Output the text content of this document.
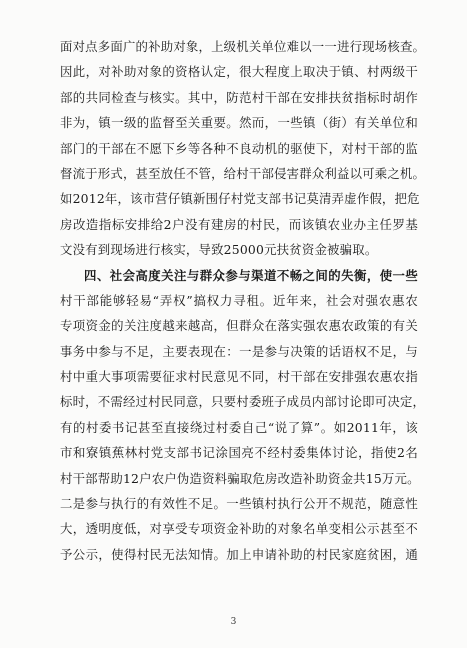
面对点多面广的补助对象，上级机关单位难以一一进行现场核查。
因此，对补助对象的资格认定，很大程度上取决于镇、村两级干
部的共同检查与核实。其中，防范村干部在安排扶贫指标时胡作
非为，镇一级的监督至关重要。然而，一些镇（街）有关单位和
部门的干部在不愿下乡等各种不良动机的驱使下，对村干部的监
督流于形式，甚至放任不管，给村干部侵害群众利益以可乘之机。
如2012年，该市营仔镇新围仔村党支部书记莫清弄虚作假，把危
房改造指标安排给2户没有建房的村民，而该镇农业办主任罗基
文没有到现场进行核实，导致25000元扶贫资金被骗取。
四、社会高度关注与群众参与渠道不畅之间的失衡，使一些
村干部能够轻易“弄权”搞权力寻租。近年来，社会对强农惠农
专项资金的关注度越来越高，但群众在落实强农惠农政策的有关
事务中参与不足，主要表现在：一是参与决策的话语权不足，与
村中重大事项需要征求村民意见不同，村干部在安排强农惠农指
标时，不需经过村民同意，只要村委班子成员内部讨论即可决定，
有的村委书记甚至直接绕过村委自己“说了算”。如2011年，该
市和寮镇蕉林村党支部书记涂国亮不经村委集体讨论，指使2名
村干部帮助12户农户伪造资料骗取危房改造补助资金共15万元。
二是参与执行的有效性不足。一些镇村执行公开不规范，随意性
大，透明度低，对享受专项资金补助的对象名单变相公示甚至不
予公示，使得村民无法知情。加上申请补助的村民家庭贫困，通
3
